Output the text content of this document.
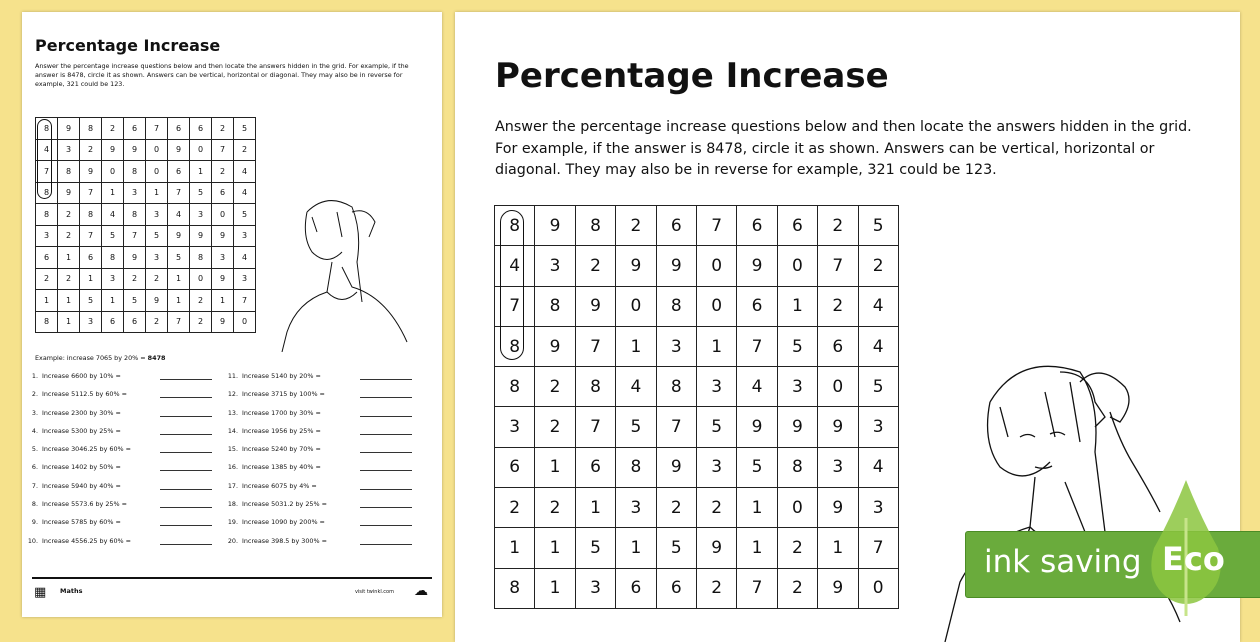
Percentage Increase
Answer the percentage increase questions below and then locate the answers hidden in the grid. For example, if the answer is 8478, circle it as shown. Answers can be vertical, horizontal or diagonal. They may also be in reverse for example, 321 could be 123.
8	9	8	2	6	7	6	6	2	5
4	3	2	9	9	0	9	0	7	2
7	8	9	0	8	0	6	1	2	4
8	9	7	1	3	1	7	5	6	4
8	2	8	4	8	3	4	3	0	5
3	2	7	5	7	5	9	9	9	3
6	1	6	8	9	3	5	8	3	4
2	2	1	3	2	2	1	0	9	3
1	1	5	1	5	9	1	2	1	7
8	1	3	6	6	2	7	2	9	0
Example: increase 7065 by 20% = 8478
1. Increase 6600 by 10% =
2. Increase 5112.5 by 60% =
3. Increase 2300 by 30% =
4. Increase 5300 by 25% =
5. Increase 3046.25 by 60% =
6. Increase 1402 by 50% =
7. Increase 5940 by 40% =
8. Increase 5573.6 by 25% =
9. Increase 5785 by 60% =
10. Increase 4556.25 by 60% =
11. Increase 5140 by 20% =
12. Increase 3715 by 100% =
13. Increase 1700 by 30% =
14. Increase 1956 by 25% =
15. Increase 5240 by 70% =
16. Increase 1385 by 40% =
17. Increase 6075 by 4% =
18. Increase 5031.2 by 25% =
19. Increase 1090 by 200% =
20. Increase 398.5 by 300% =
▦ Maths	visit twinkl.com ☁
Percentage Increase
Answer the percentage increase questions below and then locate the answers hidden in the grid. For example, if the answer is 8478, circle it as shown. Answers can be vertical, horizontal or diagonal. They may also be in reverse for example, 321 could be 123.
8	9	8	2	6	7	6	6	2	5
4	3	2	9	9	0	9	0	7	2
7	8	9	0	8	0	6	1	2	4
8	9	7	1	3	1	7	5	6	4
8	2	8	4	8	3	4	3	0	5
3	2	7	5	7	5	9	9	9	3
6	1	6	8	9	3	5	8	3	4
2	2	1	3	2	2	1	0	9	3
1	1	5	1	5	9	1	2	1	7
8	1	3	6	6	2	7	2	9	0
ink saving Eco
